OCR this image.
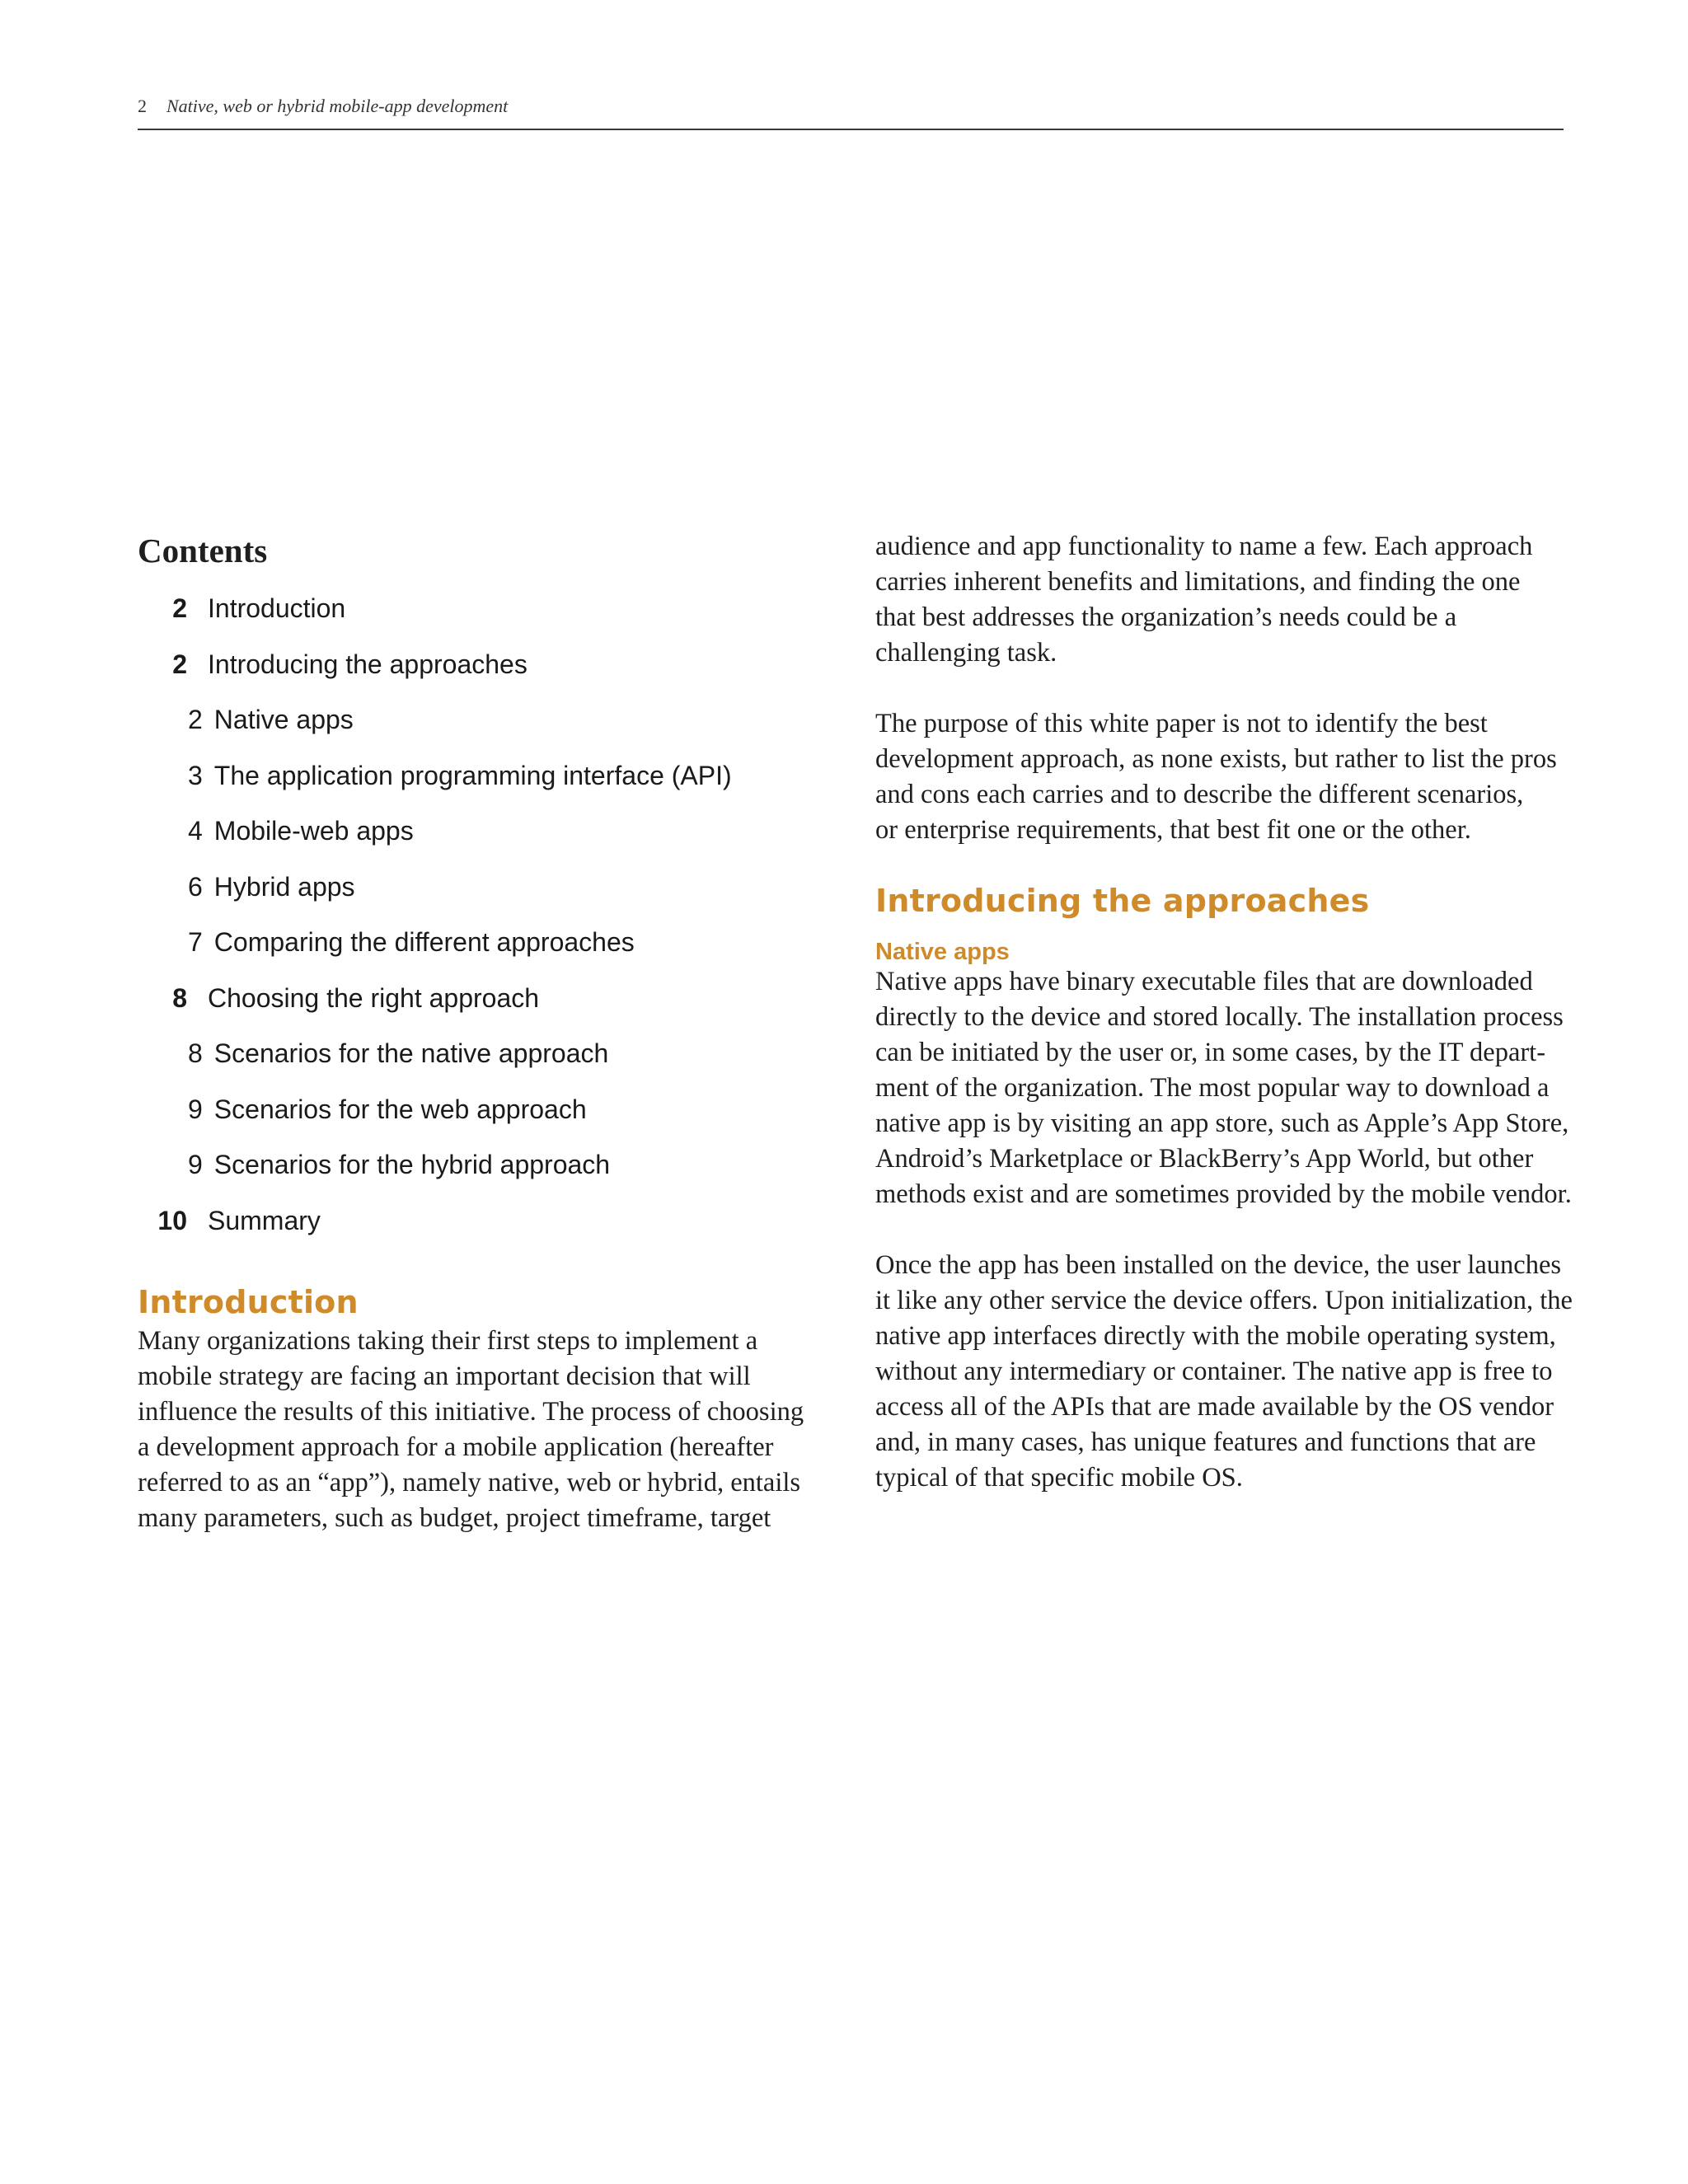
2 Native, web or hybrid mobile-app development
Contents
2 Introduction
2 Introducing the approaches
2 Native apps
3 The application programming interface (API)
4 Mobile-web apps
6 Hybrid apps
7 Comparing the different approaches
8 Choosing the right approach
8 Scenarios for the native approach
9 Scenarios for the web approach
9 Scenarios for the hybrid approach
10 Summary
Introduction

Many organizations taking their first steps to implement a
mobile strategy are facing an important decision that will
influence the results of this initiative. The process of choosing
a development approach for a mobile application (hereafter
referred to as an “app”), namely native, web or hybrid, entails
many parameters, such as budget, project timeframe, target

audience and app functionality to name a few. Each approach
carries inherent benefits and limitations, and finding the one
that best addresses the organization’s needs could be a
challenging task.

The purpose of this white paper is not to identify the best
development approach, as none exists, but rather to list the pros
and cons each carries and to describe the different scenarios,
or enterprise requirements, that best fit one or the other.

Introducing the approaches
Native apps

Native apps have binary executable files that are downloaded
directly to the device and stored locally. The installation process
can be initiated by the user or, in some cases, by the IT depart-
ment of the organization. The most popular way to download a
native app is by visiting an app store, such as Apple’s App Store,
Android’s Marketplace or BlackBerry’s App World, but other
methods exist and are sometimes provided by the mobile vendor.

Once the app has been installed on the device, the user launches
it like any other service the device offers. Upon initialization, the
native app interfaces directly with the mobile operating system,
without any intermediary or container. The native app is free to
access all of the APIs that are made available by the OS vendor
and, in many cases, has unique features and functions that are
typical of that specific mobile OS.
